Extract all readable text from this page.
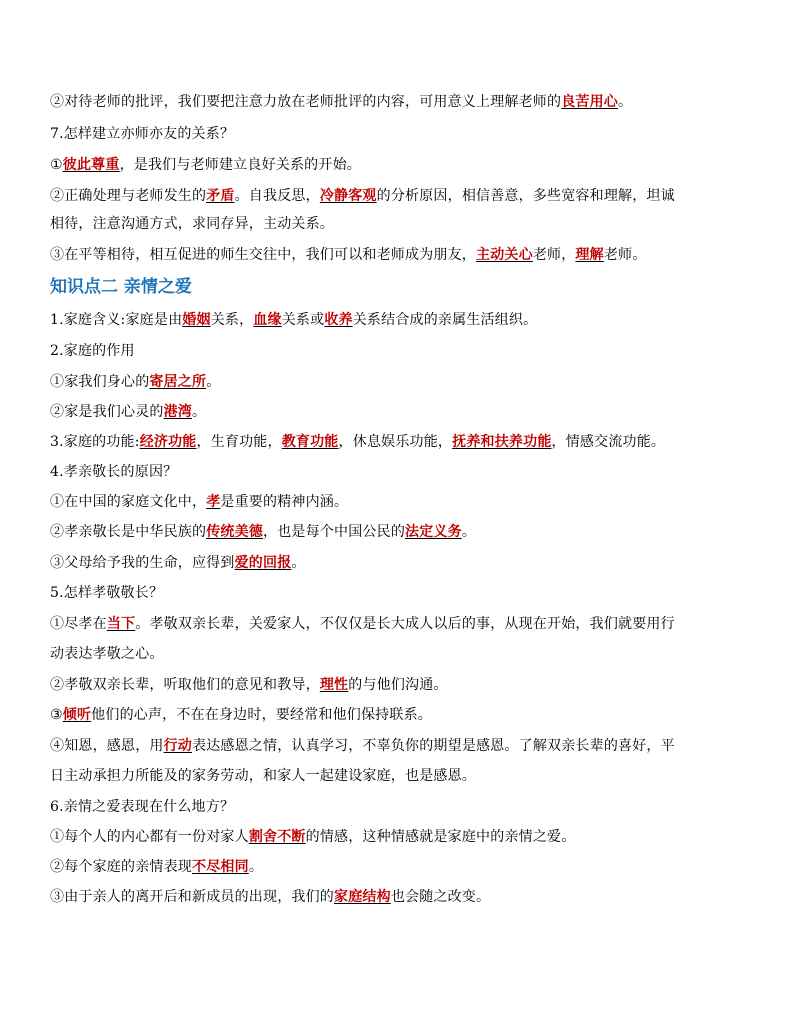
②对待老师的批评，我们要把注意力放在老师批评的内容，可用意义上理解老师的良苦用心。
7.怎样建立亦师亦友的关系？
①彼此尊重，是我们与老师建立良好关系的开始。
②正确处理与老师发生的矛盾。自我反思，冷静客观的分析原因，相信善意，多些宽容和理解，坦诚
相待，注意沟通方式，求同存异，主动关系。
③在平等相待，相互促进的师生交往中，我们可以和老师成为朋友，主动关心老师，理解老师。
知识点二 亲情之爱
1.家庭含义:家庭是由婚姻关系，血缘关系或收养关系结合成的亲属生活组织。
2.家庭的作用
①家我们身心的寄居之所。
②家是我们心灵的港湾。
3.家庭的功能:经济功能，生育功能，教育功能，休息娱乐功能，抚养和扶养功能，情感交流功能。
4.孝亲敬长的原因？
①在中国的家庭文化中，孝是重要的精神内涵。
②孝亲敬长是中华民族的传统美德，也是每个中国公民的法定义务。
③父母给予我的生命，应得到爱的回报。
5.怎样孝敬敬长？
①尽孝在当下。孝敬双亲长辈，关爱家人，不仅仅是长大成人以后的事，从现在开始，我们就要用行
动表达孝敬之心。
②孝敬双亲长辈，听取他们的意见和教导，理性的与他们沟通。
③倾听他们的心声，不在在身边时，要经常和他们保持联系。
④知恩，感恩，用行动表达感恩之情，认真学习，不辜负你的期望是感恩。了解双亲长辈的喜好，平
日主动承担力所能及的家务劳动，和家人一起建设家庭，也是感恩。
6.亲情之爱表现在什么地方？
①每个人的内心都有一份对家人割舍不断的情感，这种情感就是家庭中的亲情之爱。
②每个家庭的亲情表现不尽相同。
③由于亲人的离开后和新成员的出现，我们的家庭结构也会随之改变。
